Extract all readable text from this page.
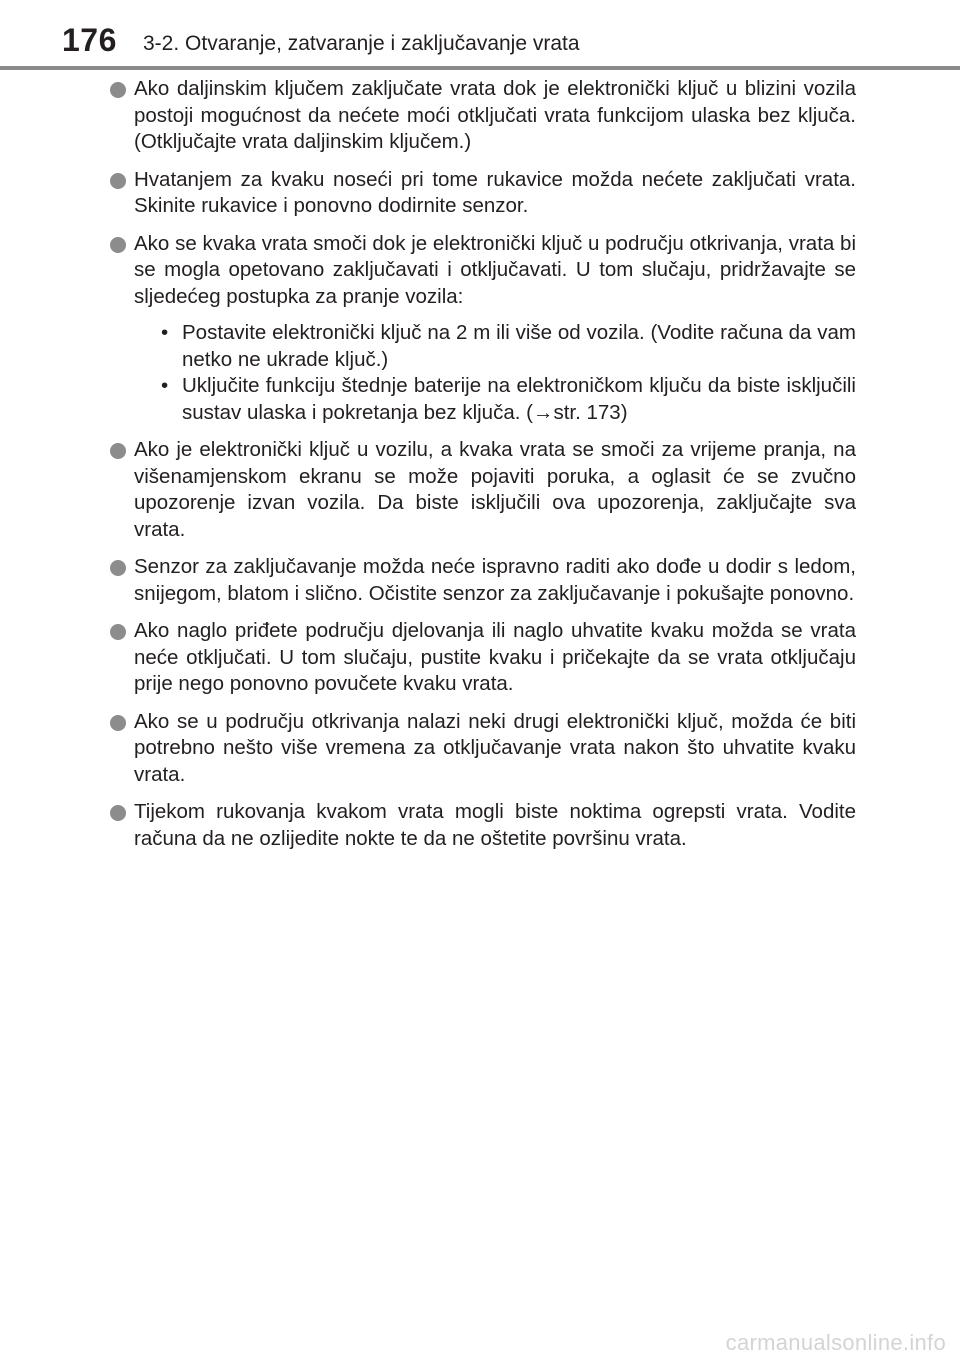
176 3-2. Otvaranje, zatvaranje i zaključavanje vrata
Ako daljinskim ključem zaključate vrata dok je elektronički ključ u blizini vozila postoji mogućnost da nećete moći otključati vrata funkcijom ulaska bez ključa. (Otključajte vrata daljinskim ključem.)
Hvatanjem za kvaku noseći pri tome rukavice možda nećete zaključati vrata. Skinite rukavice i ponovno dodirnite senzor.
Ako se kvaka vrata smoči dok je elektronički ključ u području otkrivanja, vrata bi se mogla opetovano zaključavati i otključavati. U tom slučaju, pridržavajte se sljedećeg postupka za pranje vozila:
• Postavite elektronički ključ na 2 m ili više od vozila. (Vodite računa da vam netko ne ukrade ključ.)
• Uključite funkciju štednje baterije na elektroničkom ključu da biste isključili sustav ulaska i pokretanja bez ključa. (→str. 173)
Ako je elektronički ključ u vozilu, a kvaka vrata se smoči za vrijeme pranja, na višenamjenskom ekranu se može pojaviti poruka, a oglasit će se zvučno upozorenje izvan vozila. Da biste isključili ova upozorenja, zaključajte sva vrata.
Senzor za zaključavanje možda neće ispravno raditi ako dođe u dodir s ledom, snijegom, blatom i slično. Očistite senzor za zaključavanje i pokušajte ponovno.
Ako naglo priđete području djelovanja ili naglo uhvatite kvaku možda se vrata neće otključati. U tom slučaju, pustite kvaku i pričekajte da se vrata otključaju prije nego ponovno povučete kvaku vrata.
Ako se u području otkrivanja nalazi neki drugi elektronički ključ, možda će biti potrebno nešto više vremena za otključavanje vrata nakon što uhvatite kvaku vrata.
Tijekom rukovanja kvakom vrata mogli biste noktima ogrepsti vrata. Vodite računa da ne ozlijedite nokte te da ne oštetite površinu vrata.
carmanualsonline.info
